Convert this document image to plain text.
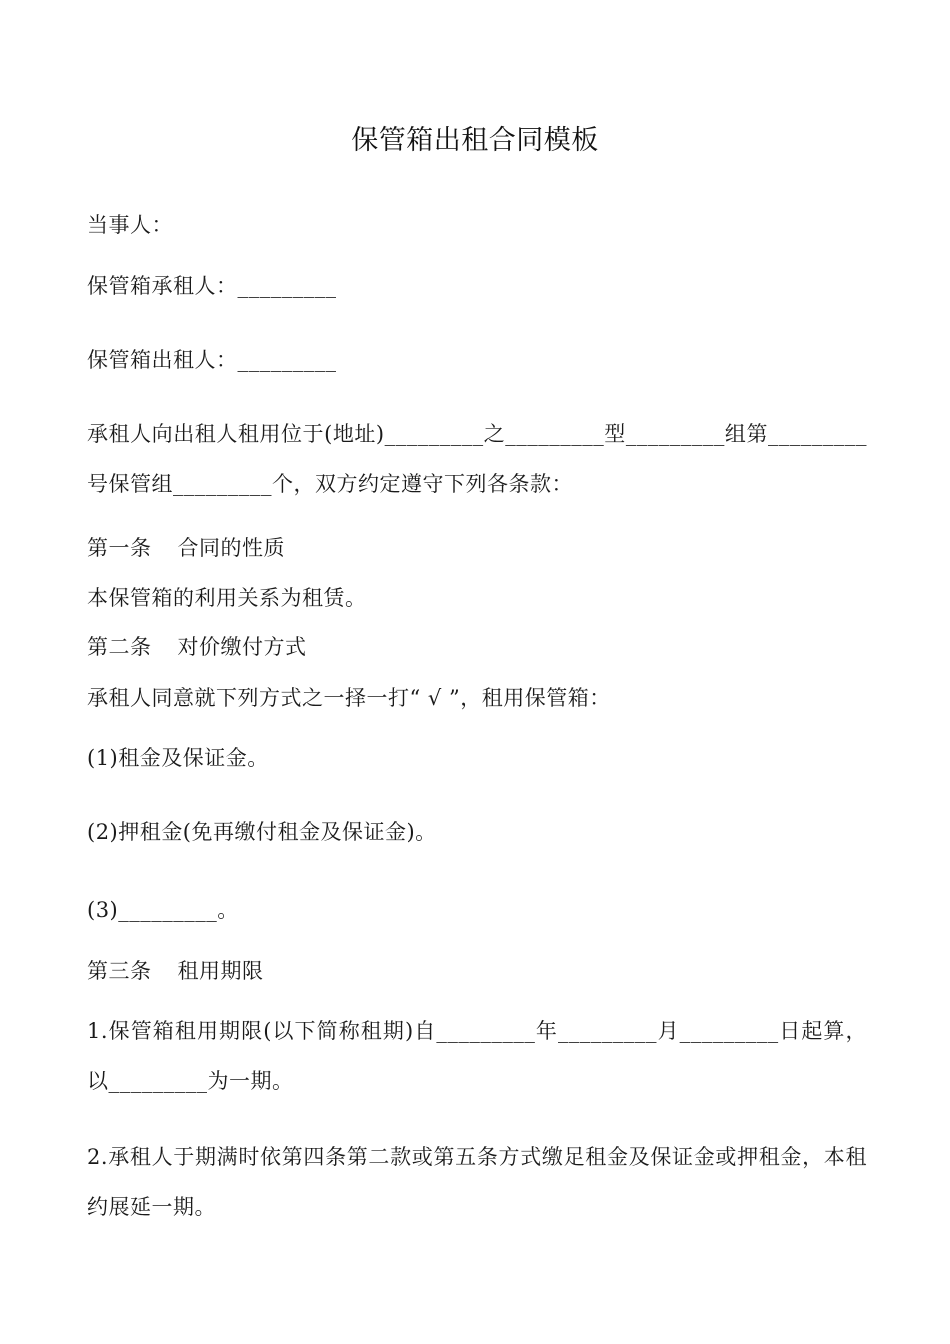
保管箱出租合同模板
当事人：
保管箱承租人：_________
保管箱出租人：_________
承租人向出租人租用位于(地址)_________之_________型_________组第_________号保管组_________个，双方约定遵守下列各条款：
第一条 合同的性质
本保管箱的利用关系为租赁。
第二条 对价缴付方式
承租人同意就下列方式之一择一打“ √ ”，租用保管箱：
(1)租金及保证金。
(2)押租金(免再缴付租金及保证金)。
(3)_________。
第三条 租用期限
1.保管箱租用期限(以下简称租期)自_________年_________月_________日起算，以_________为一期。
2.承租人于期满时依第四条第二款或第五条方式缴足租金及保证金或押租金，本租约展延一期。
